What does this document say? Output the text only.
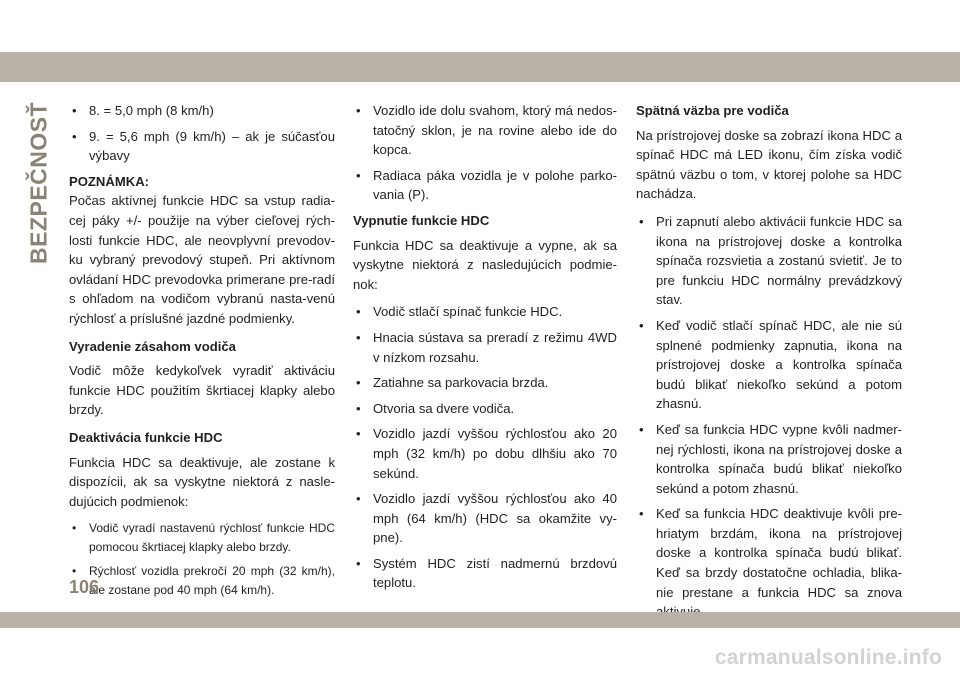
BEZPEČNOSŤ
•	8. = 5,0 mph (8 km/h)
• 9. = 5,6 mph (9 km/h) – ak je súčasťou výbavy

POZNÁMKA:

Počas aktívnej funkcie HDC sa vstup radia-cej páky +/- použije na výber cieľovej rých-losti funkcie HDC, ale neovplyvní prevodov-ku vybraný prevodový stupeň. Pri aktívnom ovládaní HDC prevodovka primerane pre-radí s ohľadom na vodičom vybranú nasta-venú rýchlosť a príslušné jazdné podmienky.

Vyradenie zásahom vodiča

Vodič môže kedykoľvek vyradiť aktiváciu funkcie HDC použitím škrtiacej klapky alebo brzdy.

Deaktivácia funkcie HDC

Funkcia HDC sa deaktivuje, ale zostane k dispozícii, ak sa vyskytne niektorá z nasle-dujúcich podmienok:

• Vodič vyradí nastavenú rýchlosť funkcie HDC pomocou škrtiacej klapky alebo brzdy.
• Rýchlosť vozidla prekročí 20 mph (32 km/h), ale zostane pod 40 mph (64 km/h).
• Vozidlo ide dolu svahom, ktorý má nedos-tatočný sklon, je na rovine alebo ide do kopca.
• Radiaca páka vozidla je v polohe parko-vania (P).

Vypnutie funkcie HDC

Funkcia HDC sa deaktivuje a vypne, ak sa vyskytne niektorá z nasledujúcich podmie-nok:

• Vodič stlačí spínač funkcie HDC.
• Hnacia sústava sa preradí z režimu 4WD v nízkom rozsahu.
• Zatiahne sa parkovacia brzda.
• Otvoria sa dvere vodiča.
• Vozidlo jazdí vyššou rýchlosťou ako 20 mph (32 km/h) po dobu dlhšiu ako 70 sekúnd.
• Vozidlo jazdí vyššou rýchlosťou ako 40 mph (64 km/h) (HDC sa okamžite vy-pne).
• Systém HDC zistí nadmernú brzdovú teplotu.

Spätná väzba pre vodiča

Na prístrojovej doske sa zobrazí ikona HDC a spínač HDC má LED ikonu, čím získa vodič spätnú väzbu o tom, v ktorej polohe sa HDC nachádza.

• Pri zapnutí alebo aktivácii funkcie HDC sa ikona na prístrojovej doske a kontrolka spínača rozsvietia a zostanú svietiť. Je to pre funkciu HDC normálny prevádzkový stav.
• Keď vodič stlačí spínač HDC, ale nie sú splnené podmienky zapnutia, ikona na prístrojovej doske a kontrolka spínača budú blikať niekoľko sekúnd a potom zhasnú.
• Keď sa funkcia HDC vypne kvôli nadmer-nej rýchlosti, ikona na prístrojovej doske a kontrolka spínača budú blikať niekoľko sekúnd a potom zhasnú.
• Keď sa funkcia HDC deaktivuje kvôli pre-hriatym brzdám, ikona na prístrojovej doske a kontrolka spínača budú blikať. Keď sa brzdy dostatočne ochladia, blika-nie prestane a funkcia HDC sa znova
106
carmanualsonline.info
